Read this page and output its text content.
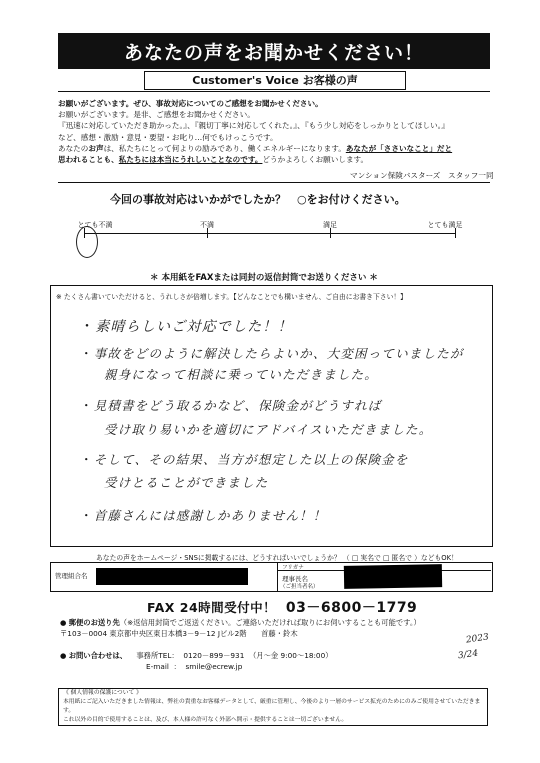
あなたの声をお聞かせください！
Customer's Voice お客様の声
お願いがございます。ぜひ、事故対応についてのご感想をお聞かせください。
お願いがございます。是非、ご感想をお聞かせください。
『迅速に対応していただき助かった。』、『親切丁寧に対応してくれた。』、『もう少し対応をしっかりとしてほしい。』
など、感想・激励・意見・要望・お叱り…何でもけっこうです。
あなたのお声は、私たちにとって何よりの励みであり、働くエネルギーになります。あなたが「ささいなこと」だと
思われることも、私たちには本当にうれしいことなのです。どうかよろしくお願いします。
マンション保険バスターズ　スタッフ一同
今回の事故対応はいかがでしたか？　○をお付けください。
とても不満	不満	満足	とても満足
＊ 本用紙をFAXまたは同封の返信封筒でお送りください ＊
※ たくさん書いていただけると、うれしさが倍増します。【どんなことでも構いません、ご自由にお書き下さい！】
・素晴らしいご対応でした！！
・事故をどのように解決したらよいか、大変困っていましたが
親身になって相談に乗っていただきました。
・見積書をどう取るかなど、保険金がどうすれば
受け取り易いかを適切にアドバイスいただきました。
・そして、その結果、当方が想定した以上の保険金を
受けとることができました
・首藤さんには感謝しかありません！！
あなたの声をホームページ・SNSに掲載するには、どうすればいいでしょうか？ （ □ 実名で □ 匿名で ）などもOK！
管理組合名
フリガナ
理事長名
（ご担当者名）
FAX 24時間受付中！ 03－6800－1779
● 郵便のお送り先（※返信用封筒でご返送ください。ご連絡いただければ取りにお伺いすることも可能です。）
〒103－0004 東京都中央区東日本橋3－9－12 Jビル2階　　首藤・鈴木
● お問い合わせは、 事務所TEL： 0120－899－931 （月～金 9:00～18:00）
E-mail  ：  smile@ecrew.jp
2023
3/24
《 個人情報の保護について 》
本用紙にご記入いただきました情報は、弊社の貴重なお客様データとして、厳重に管理し、今後のより一層のサービス拡充のためにのみご使用させていただきます。
これ以外の目的で使用することは、及び、本人様の許可なく外部へ開示・提供することは一切ございません。
